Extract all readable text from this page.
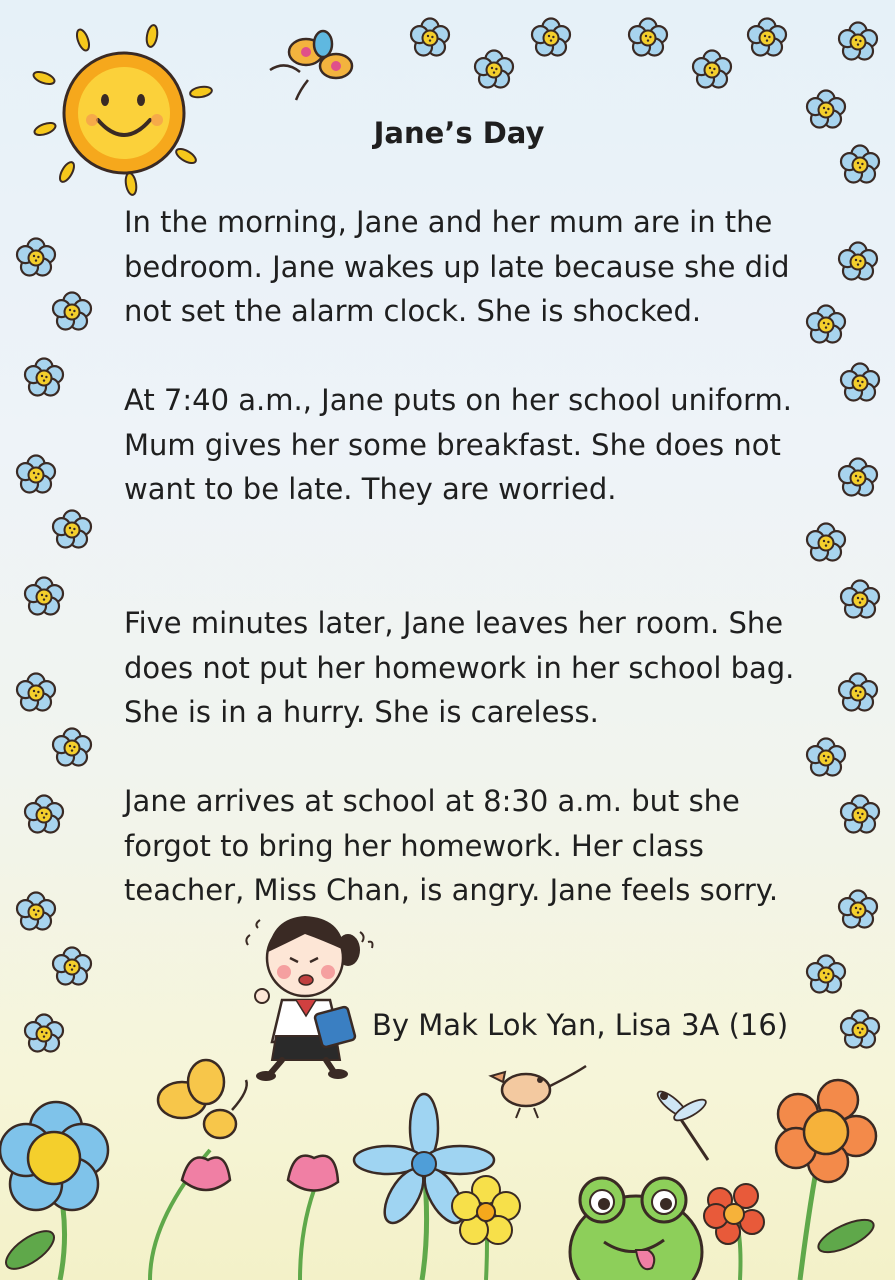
Jane’s Day

In the morning, Jane and her mum are in the bedroom. Jane wakes up late because she did not set the alarm clock. She is shocked.

At 7:40 a.m., Jane puts on her school uniform. Mum gives her some breakfast. She does not want to be late. They are worried.

Five minutes later, Jane leaves her room. She does not put her homework in her school bag. She is in a hurry. She is careless.

Jane arrives at school at 8:30 a.m. but she forgot to bring her homework. Her class teacher, Miss Chan, is angry. Jane feels sorry.

By Mak Lok Yan, Lisa 3A (16)
